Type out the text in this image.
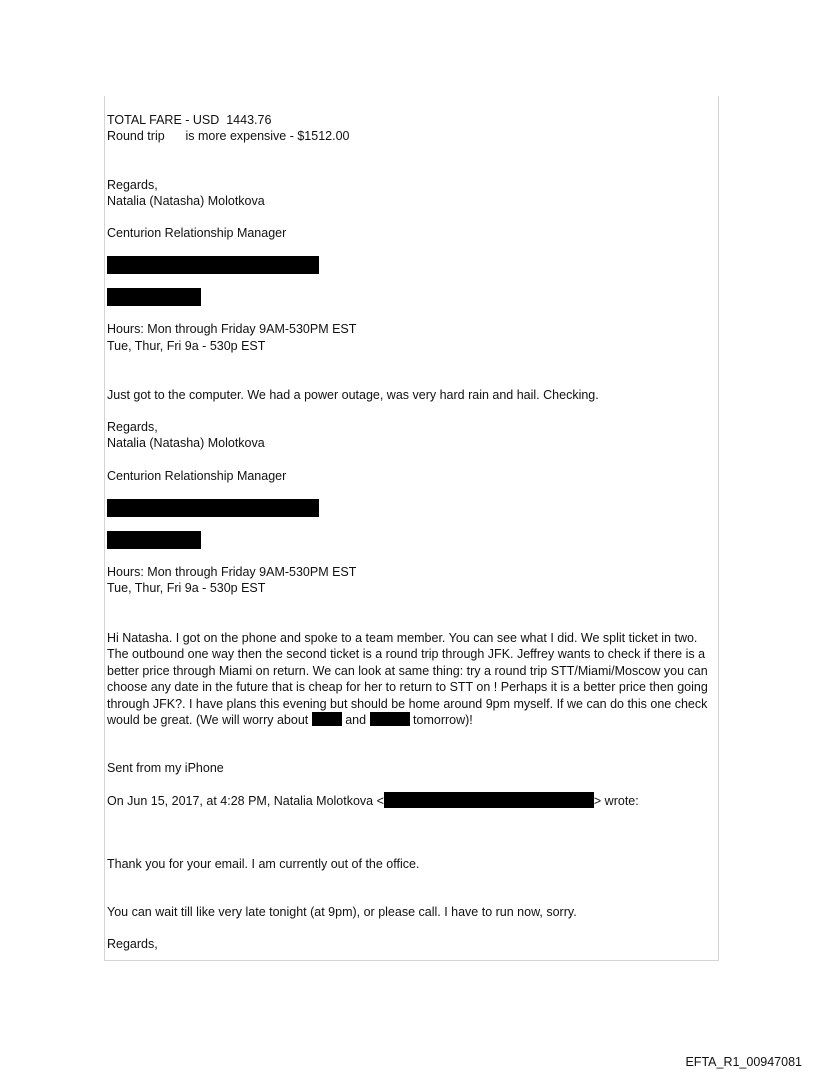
TOTAL FARE - USD  1443.76
Round trip      is more expensive - $1512.00
Regards,
Natalia (Natasha) Molotkova
Centurion Relationship Manager
Hours: Mon through Friday 9AM-530PM EST
Tue, Thur, Fri 9a - 530p EST
Just got to the computer. We had a power outage, was very hard rain and hail. Checking.
Regards,
Natalia (Natasha) Molotkova
Centurion Relationship Manager
Hours: Mon through Friday 9AM-530PM EST
Tue, Thur, Fri 9a - 530p EST
Hi Natasha. I got on the phone and spoke to a team member. You can see what I did. We split ticket in two. The outbound one way then the second ticket is a round trip through JFK. Jeffrey wants to check if there is a better price through Miami on return. We can look at same thing: try a round trip STT/Miami/Moscow you can choose any date in the future that is cheap for her to return to STT on ! Perhaps it is a better price then going through JFK?. I have plans this evening but should be home around 9pm myself. If we can do this one check would be great. (We will worry about	and	tomorrow)!
Sent from my iPhone
On Jun 15, 2017, at 4:28 PM, Natalia Molotkova <	> wrote:
Thank you for your email. I am currently out of the office.
You can wait till like very late tonight (at 9pm), or please call. I have to run now, sorry.
Regards,
EFTA_R1_00947081
